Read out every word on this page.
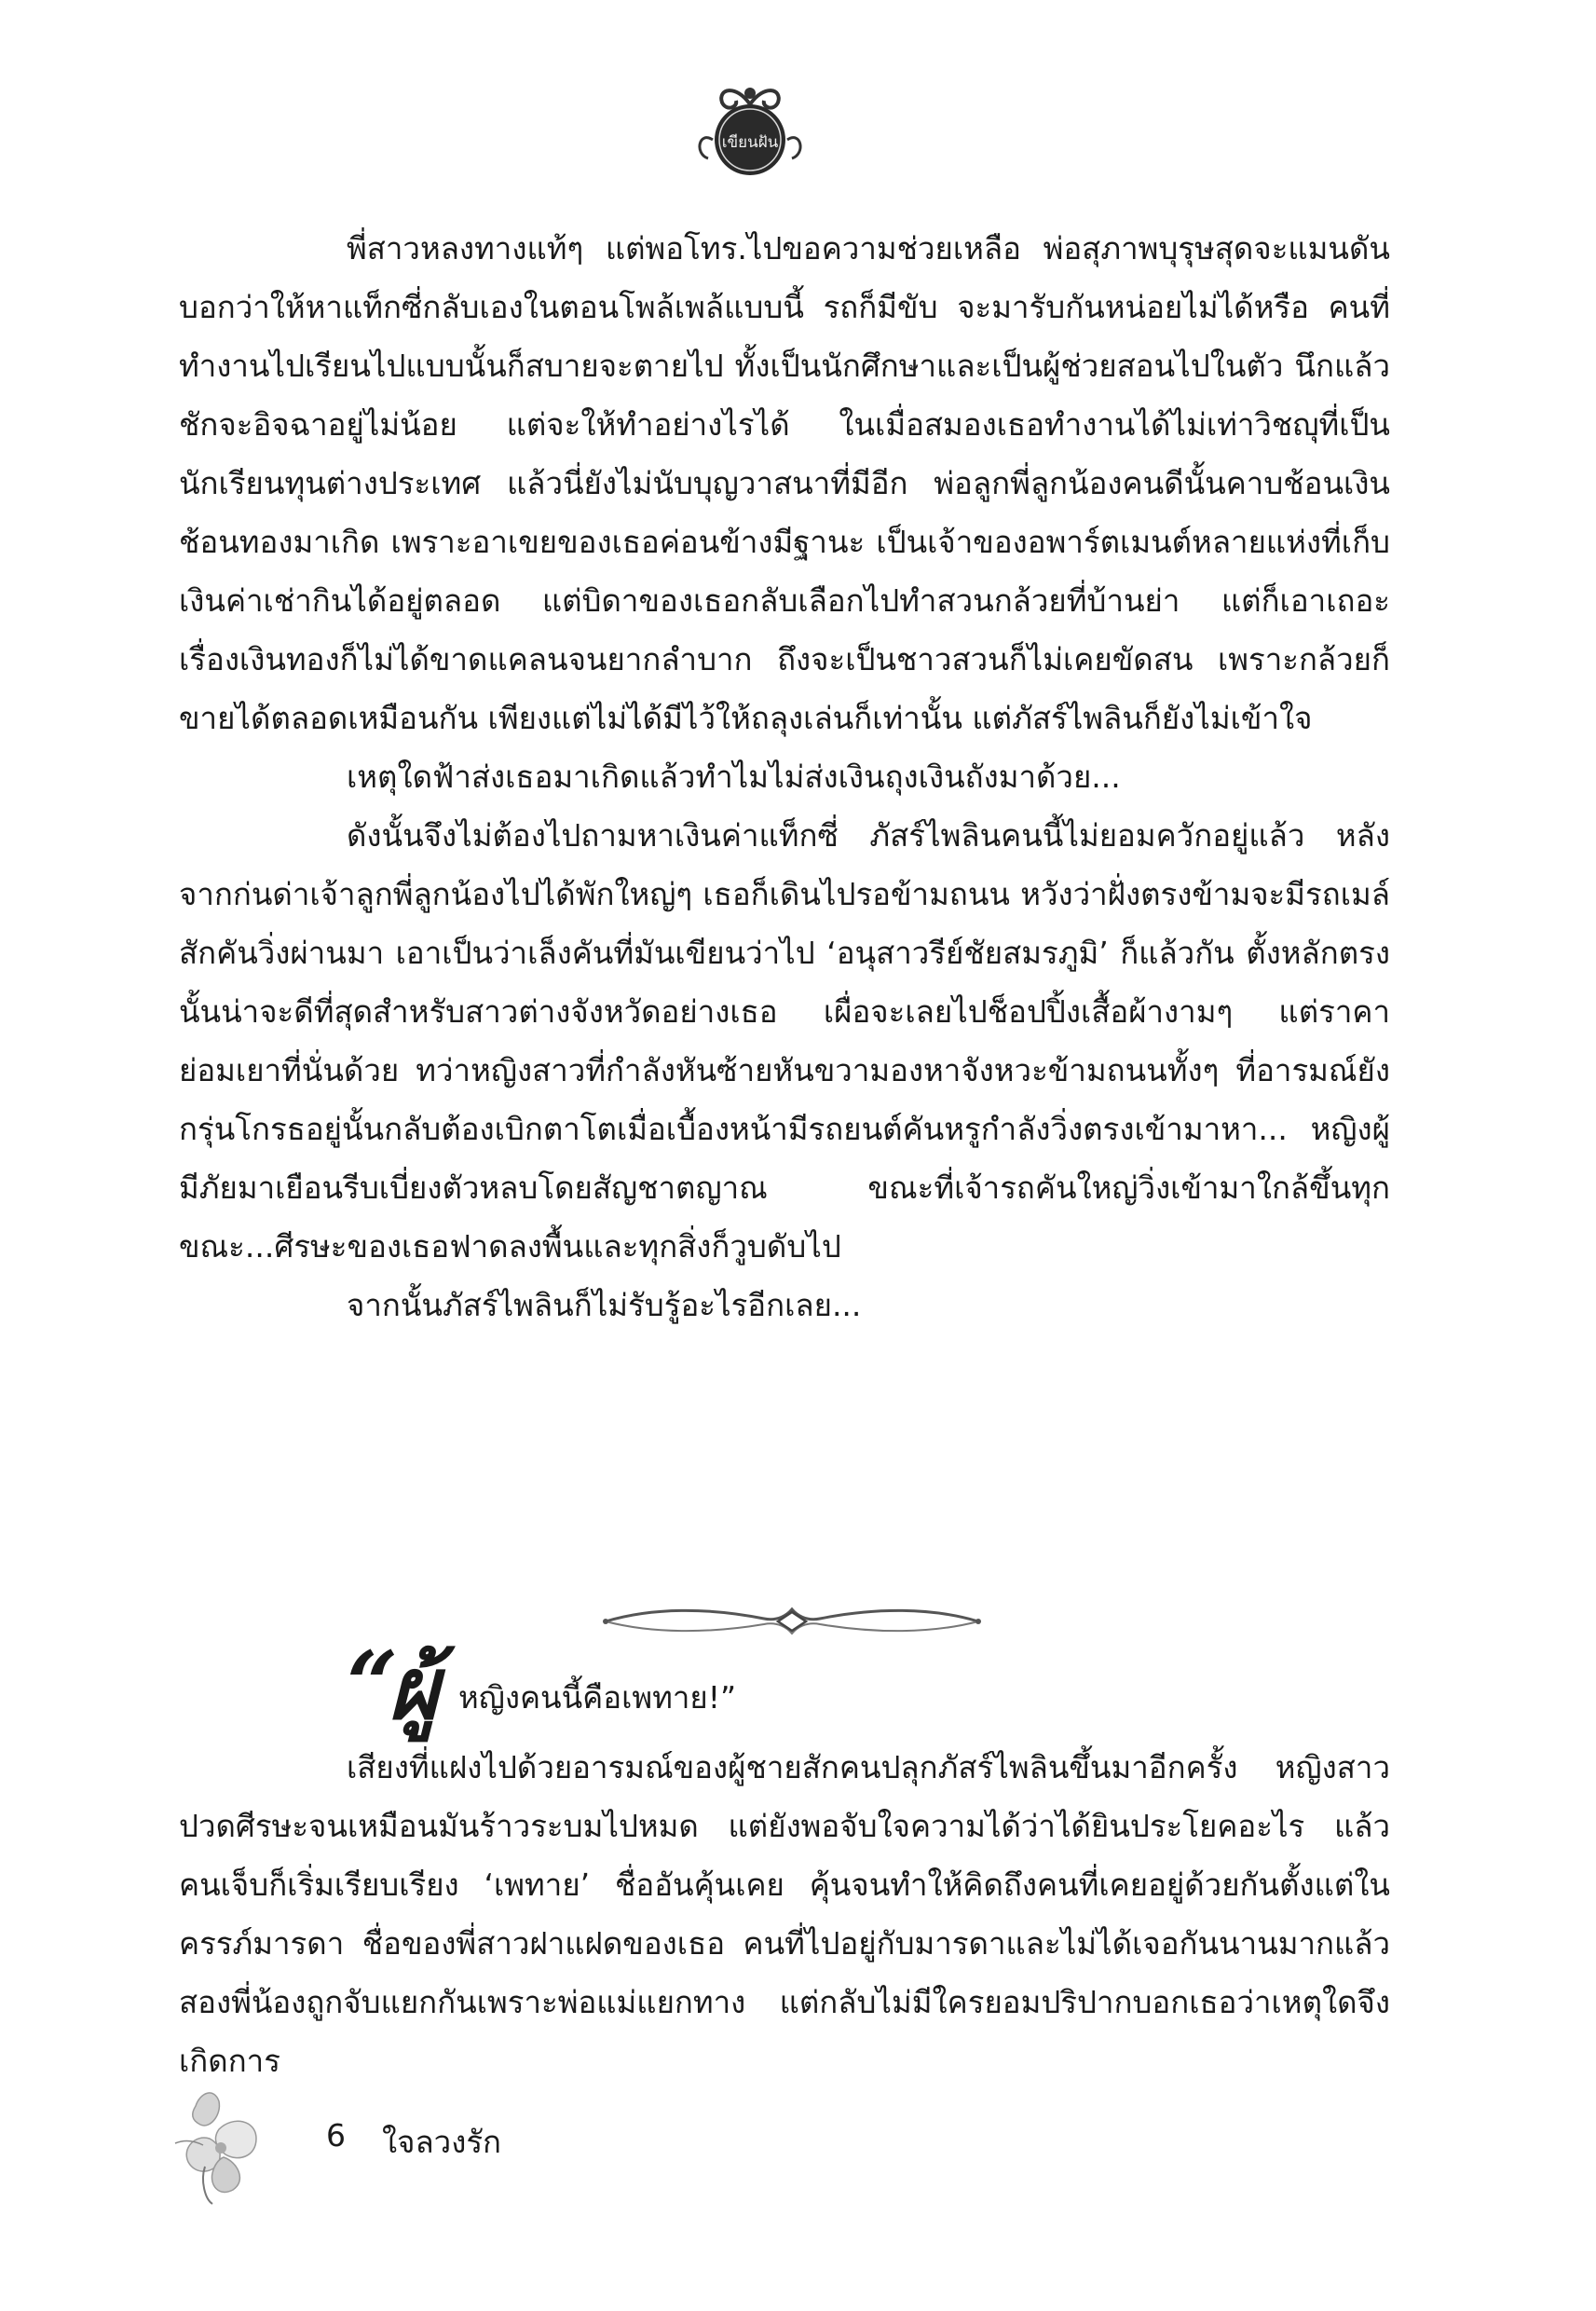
เขียนฝัน

พี่สาวหลงทางแท้ๆ แต่พอโทร.ไปขอความช่วยเหลือ พ่อสุภาพบุรุษสุดจะแมนดันบอกว่าให้หาแท็กซี่กลับเองในตอนโพล้เพล้แบบนี้ รถก็มีขับ จะมารับกันหน่อยไม่ได้หรือ คนที่ทำงานไปเรียนไปแบบนั้นก็สบายจะตายไป ทั้งเป็นนักศึกษาและเป็นผู้ช่วยสอนไปในตัว นึกแล้วชักจะอิจฉาอยู่ไม่น้อย แต่จะให้ทำอย่างไรได้ ในเมื่อสมองเธอทำงานได้ไม่เท่าวิชญุที่เป็นนักเรียนทุนต่างประเทศ แล้วนี่ยังไม่นับบุญวาสนาที่มีอีก พ่อลูกพี่ลูกน้องคนดีนั้นคาบช้อนเงินช้อนทองมาเกิด เพราะอาเขยของเธอค่อนข้างมีฐานะ เป็นเจ้าของอพาร์ตเมนต์หลายแห่งที่เก็บเงินค่าเช่ากินได้อยู่ตลอด แต่บิดาของเธอกลับเลือกไปทำสวนกล้วยที่บ้านย่า แต่ก็เอาเถอะ เรื่องเงินทองก็ไม่ได้ขาดแคลนจนยากลำบาก ถึงจะเป็นชาวสวนก็ไม่เคยขัดสน เพราะกล้วยก็ขายได้ตลอดเหมือนกัน เพียงแต่ไม่ได้มีไว้ให้ถลุงเล่นก็เท่านั้น แต่ภัสร์ไพลินก็ยังไม่เข้าใจ

เหตุใดฟ้าส่งเธอมาเกิดแล้วทำไมไม่ส่งเงินถุงเงินถังมาด้วย...

ดังนั้นจึงไม่ต้องไปถามหาเงินค่าแท็กซี่ ภัสร์ไพลินคนนี้ไม่ยอมควักอยู่แล้ว หลังจากก่นด่าเจ้าลูกพี่ลูกน้องไปได้พักใหญ่ๆ เธอก็เดินไปรอข้ามถนน หวังว่าฝั่งตรงข้ามจะมีรถเมล์สักคันวิ่งผ่านมา เอาเป็นว่าเล็งคันที่มันเขียนว่าไป ‘อนุสาวรีย์ชัยสมรภูมิ’ ก็แล้วกัน ตั้งหลักตรงนั้นน่าจะดีที่สุดสำหรับสาวต่างจังหวัดอย่างเธอ เผื่อจะเลยไปช็อปปิ้งเสื้อผ้างามๆ แต่ราคาย่อมเยาที่นั่นด้วย ทว่าหญิงสาวที่กำลังหันซ้ายหันขวามองหาจังหวะข้ามถนนทั้งๆ ที่อารมณ์ยังกรุ่นโกรธอยู่นั้นกลับต้องเบิกตาโตเมื่อเบื้องหน้ามีรถยนต์คันหรูกำลังวิ่งตรงเข้ามาหา... หญิงผู้มีภัยมาเยือนรีบเบี่ยงตัวหลบโดยสัญชาตญาณ ขณะที่เจ้ารถคันใหญ่วิ่งเข้ามาใกล้ขึ้นทุกขณะ...ศีรษะของเธอฟาดลงพื้นและทุกสิ่งก็วูบดับไป

จากนั้นภัสร์ไพลินก็ไม่รับรู้อะไรอีกเลย...

“
ผู้ หญิงคนนี้คือเพทาย!”

เสียงที่แฝงไปด้วยอารมณ์ของผู้ชายสักคนปลุกภัสร์ไพลินขึ้นมาอีกครั้ง หญิงสาวปวดศีรษะจนเหมือนมันร้าวระบมไปหมด แต่ยังพอจับใจความได้ว่าได้ยินประโยคอะไร แล้วคนเจ็บก็เริ่มเรียบเรียง ‘เพทาย’ ชื่ออันคุ้นเคย คุ้นจนทำให้คิดถึงคนที่เคยอยู่ด้วยกันตั้งแต่ในครรภ์มารดา ชื่อของพี่สาวฝาแฝดของเธอ คนที่ไปอยู่กับมารดาและไม่ได้เจอกันนานมากแล้ว สองพี่น้องถูกจับแยกกันเพราะพ่อแม่แยกทาง แต่กลับไม่มีใครยอมปริปากบอกเธอว่าเหตุใดจึงเกิดการ

6 ใจลวงรัก
